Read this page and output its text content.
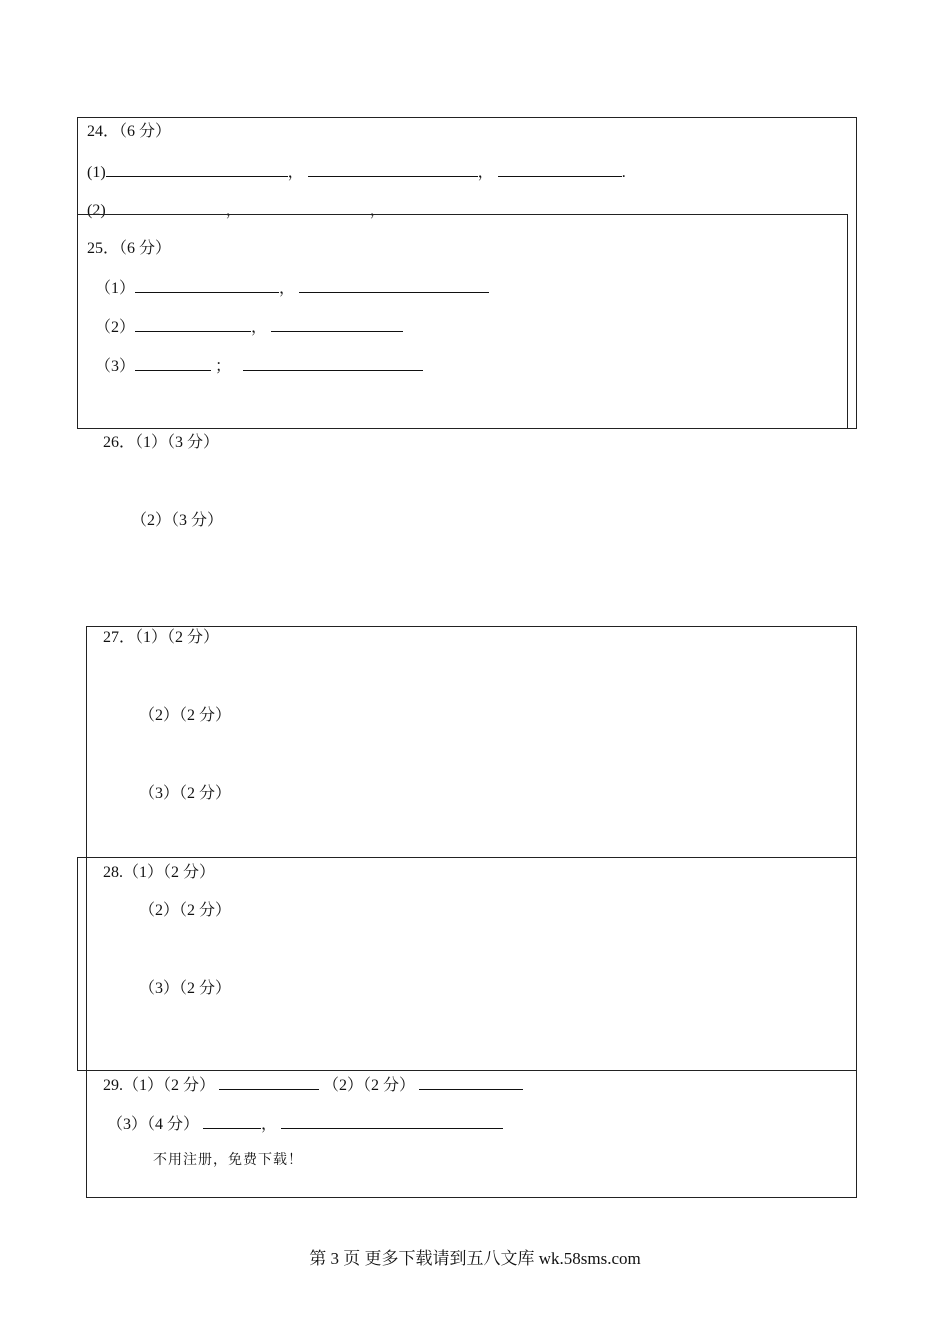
24．（6 分）
(1)	，	，	.
(2)	，	，
25．（6 分）
（1）	，
（2）	，
（3）	；
26．（1）（3 分）
（2）（3 分）
27．（1）（2 分）
（2）（2 分）
（3）（2 分）
28.（1）（2 分）
（2）（2 分）
（3）（2 分）
29.（1）（2 分）	（2）（2 分）
（3）（4 分）	，
不用注册，免费下载！
第 3 页 更多下载请到五八文库 wk.58sms.com
